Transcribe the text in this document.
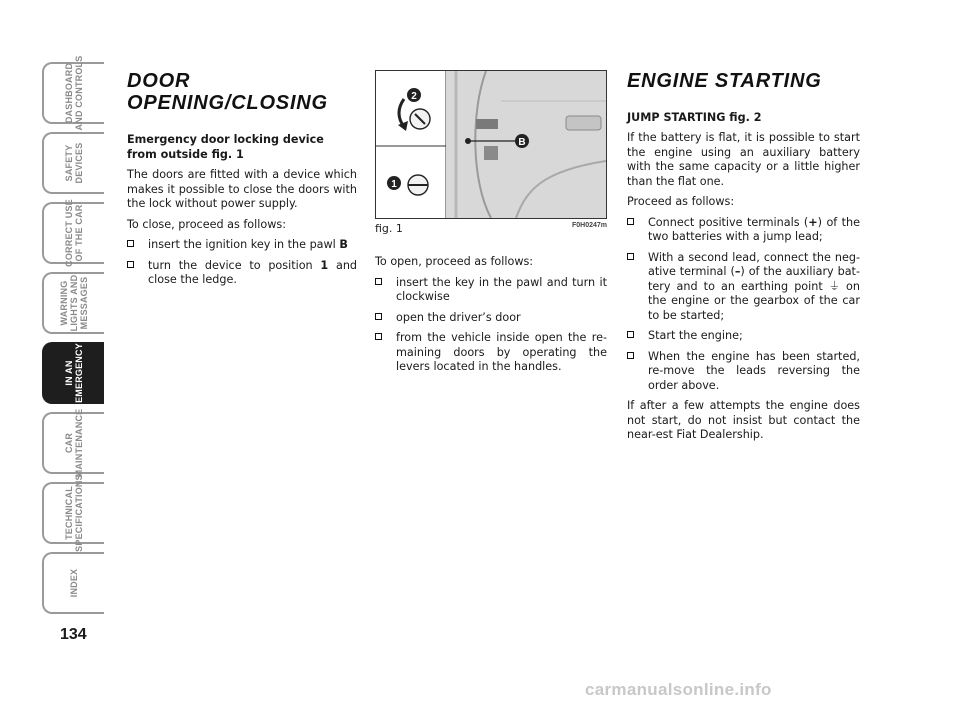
DASHBOARD
AND CONTROLS
SAFETY
DEVICES
CORRECT USE
OF THE CAR
WARNING
LIGHTS AND
MESSAGES
IN AN
EMERGENCY
CAR
MAINTENANCE
TECHNICAL
SPECIFICATIONS
INDEX
134
DOOR OPENING/CLOSING
Emergency door locking device from outside fig. 1

The doors are fitted with a device which makes it possible to close the doors with the lock without power supply.

To close, proceed as follows:

insert the ignition key in the pawl B
turn the device to position 1 and close the ledge.
B
2
1
fig. 1	F0H0247m

To open, proceed as follows:

insert the key in the pawl and turn it clockwise
open the driver’s door
from the vehicle inside open the re-maining doors by operating the levers located in the handles.
ENGINE STARTING
JUMP STARTING fig. 2

If the battery is flat, it is possible to start the engine using an auxiliary battery with the same capacity or a little higher than the flat one.

Proceed as follows:

Connect positive terminals (+) of the two batteries with a jump lead;
With a second lead, connect the neg-ative terminal (–) of the auxiliary bat-tery and to an earthing point ⏚ on the engine or the gearbox of the car to be started;
Start the engine;
When the engine has been started, re-move the leads reversing the order above.

If after a few attempts the engine does not start, do not insist but contact the near-est Fiat Dealership.

carmanualsonline.info
